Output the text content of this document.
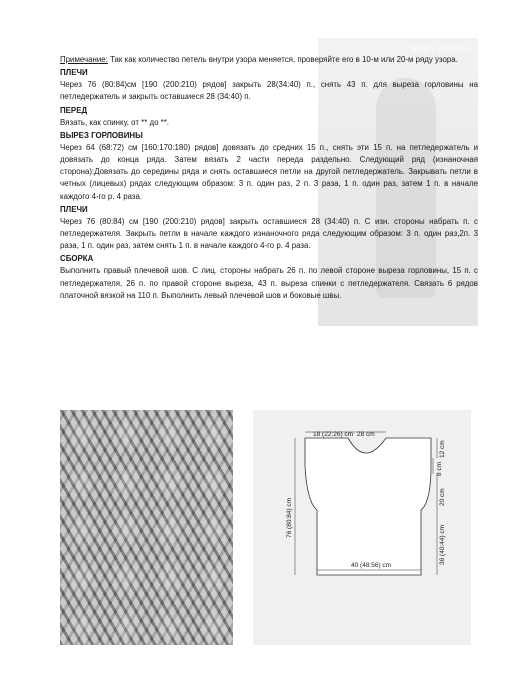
Bergère de France

Примечание: Так как количество петель внутри узора меняется, проверяйте его в 10-м или 20-м ряду узора.

ПЛЕЧИ

Через 76 (80:84)см [190 (200:210) рядов] закрыть 28(34:40) п., снять 43 п. для выреза горловины на петледержатель и закрыть оставшиеся 28 (34:40) п.

ПЕРЕД

Вязать, как спинку, от ** до **.

ВЫРЕЗ ГОРЛОВИНЫ

Через 64 (68:72) см [160:170:180) рядов] довязать до средних 15 п., снять эти 15 п. на петледержатель и довязать до конца ряда. Затем вязать 2 части переда раздельно. Следующий ряд (изнаночная сторона):Довязать до середины ряда и снять оставшиеся петли на другой петледержатель. Закрывать петли в четных (лицевых) рядах следующим образом: 3 п. один раз, 2 п. 3 раза, 1 п. один раз, затем 1 п. в начале каждого 4-го р. 4 раза.

ПЛЕЧИ

Через 76 (80:84) см [190 (200:210) рядов] закрыть оставшиеся 28 (34:40) п. С изн. стороны набрать п. с петледержателя. Закрыть петли в начале каждого изнаночного ряда следующим образом: 3 п. один раз,2п. 3 раза, 1 п. один раз, затем снять 1 п. в начале каждого 4-го р. 4 раза.

СБОРКА

Выполнить правый плечевой шов. С лиц. стороны набрать 26 п. по левой стороне выреза горловины, 15 п. с петледержателя, 26 п. по правой стороне выреза, 43 п. выреза спинки с петледержателя. Связать 6 рядов платочной вязкой на 110 п. Выполнить левый плечевой шов и боковые швы.

18 (22:26) cm 28 cm
12 cm
8 cm
20 cm
36 (40:44) cm
76 (80:84) cm
40 (48:56) cm
